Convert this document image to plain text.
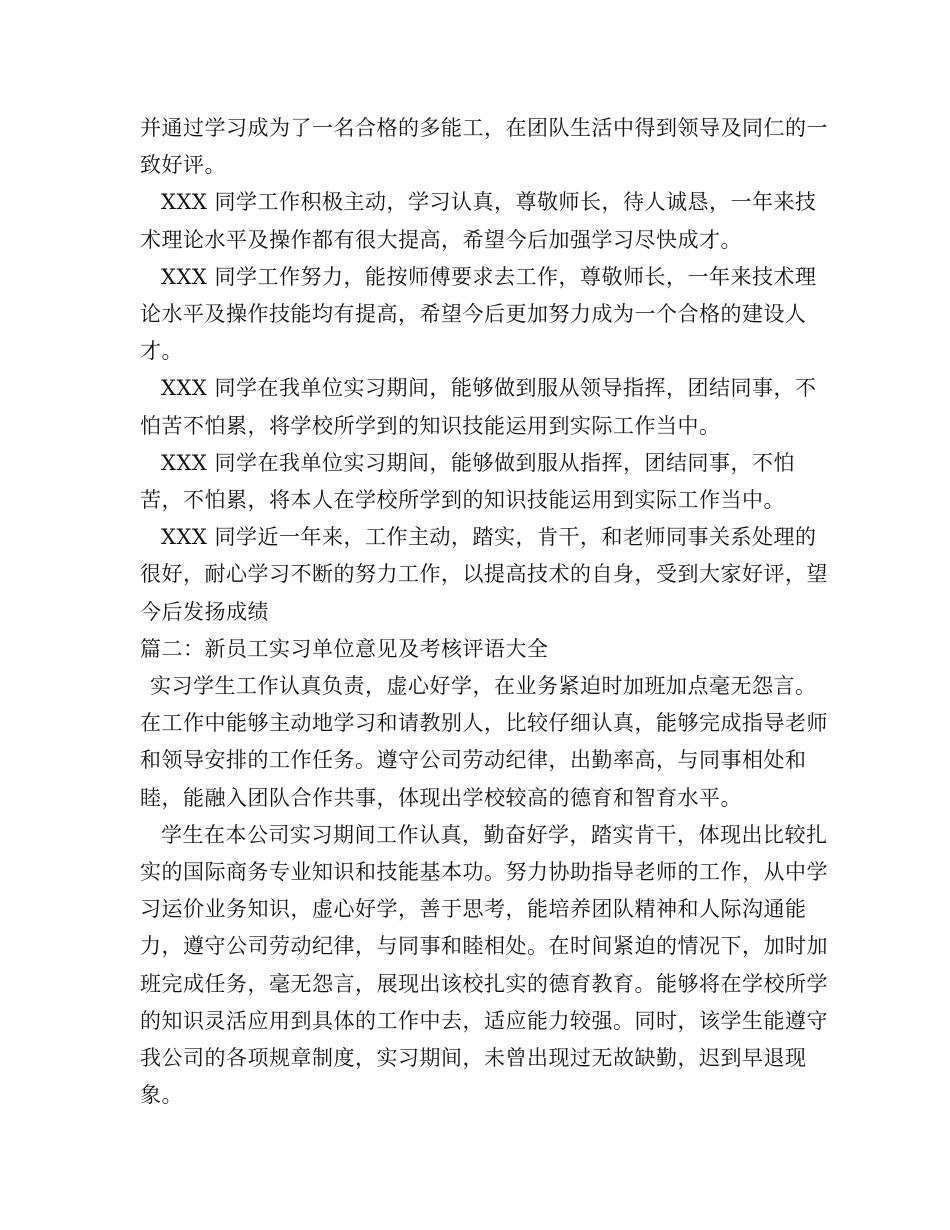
并通过学习成为了一名合格的多能工，在团队生活中得到领导及同仁的一致好评。

XXX 同学工作积极主动，学习认真，尊敬师长，待人诚恳，一年来技术理论水平及操作都有很大提高，希望今后加强学习尽快成才。

XXX 同学工作努力，能按师傅要求去工作，尊敬师长，一年来技术理论水平及操作技能均有提高，希望今后更加努力成为一个合格的建设人才。

XXX 同学在我单位实习期间，能够做到服从领导指挥，团结同事，不怕苦不怕累，将学校所学到的知识技能运用到实际工作当中。

XXX 同学在我单位实习期间，能够做到服从指挥，团结同事，不怕苦，不怕累，将本人在学校所学到的知识技能运用到实际工作当中。

XXX 同学近一年来，工作主动，踏实，肯干，和老师同事关系处理的很好，耐心学习不断的努力工作，以提高技术的自身，受到大家好评，望今后发扬成绩

篇二：新员工实习单位意见及考核评语大全

实习学生工作认真负责，虚心好学，在业务紧迫时加班加点毫无怨言。在工作中能够主动地学习和请教别人，比较仔细认真，能够完成指导老师和领导安排的工作任务。遵守公司劳动纪律，出勤率高，与同事相处和睦，能融入团队合作共事，体现出学校较高的德育和智育水平。

学生在本公司实习期间工作认真，勤奋好学，踏实肯干，体现出比较扎实的国际商务专业知识和技能基本功。努力协助指导老师的工作，从中学习运价业务知识，虚心好学，善于思考，能培养团队精神和人际沟通能力，遵守公司劳动纪律，与同事和睦相处。在时间紧迫的情况下，加时加班完成任务，毫无怨言，展现出该校扎实的德育教育。能够将在学校所学的知识灵活应用到具体的工作中去，适应能力较强。同时，该学生能遵守我公司的各项规章制度，实习期间，未曾出现过无故缺勤，迟到早退现象。
